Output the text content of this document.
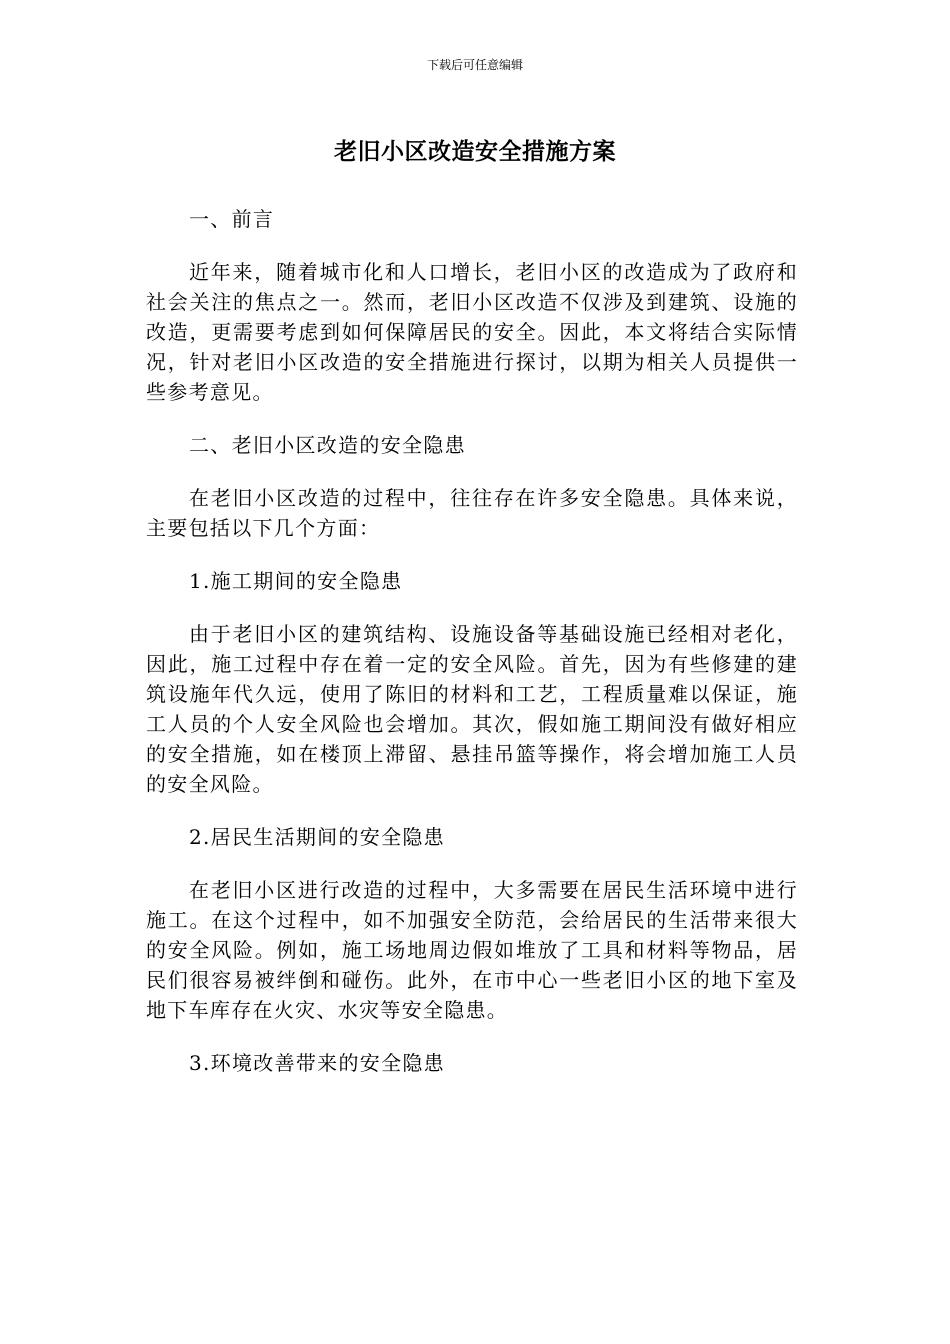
下载后可任意编辑
老旧小区改造安全措施方案

一、前言

近年来，随着城市化和人口增长，老旧小区的改造成为了政府和社会关注的焦点之一。然而，老旧小区改造不仅涉及到建筑、设施的改造，更需要考虑到如何保障居民的安全。因此，本文将结合实际情况，针对老旧小区改造的安全措施进行探讨，以期为相关人员提供一些参考意见。

二、老旧小区改造的安全隐患

在老旧小区改造的过程中，往往存在许多安全隐患。具体来说，主要包括以下几个方面：

1.施工期间的安全隐患

由于老旧小区的建筑结构、设施设备等基础设施已经相对老化，因此，施工过程中存在着一定的安全风险。首先，因为有些修建的建筑设施年代久远，使用了陈旧的材料和工艺，工程质量难以保证，施工人员的个人安全风险也会增加。其次，假如施工期间没有做好相应的安全措施，如在楼顶上滞留、悬挂吊篮等操作，将会增加施工人员的安全风险。

2.居民生活期间的安全隐患

在老旧小区进行改造的过程中，大多需要在居民生活环境中进行施工。在这个过程中，如不加强安全防范，会给居民的生活带来很大的安全风险。例如，施工场地周边假如堆放了工具和材料等物品，居民们很容易被绊倒和碰伤。此外，在市中心一些老旧小区的地下室及地下车库存在火灾、水灾等安全隐患。

3.环境改善带来的安全隐患
